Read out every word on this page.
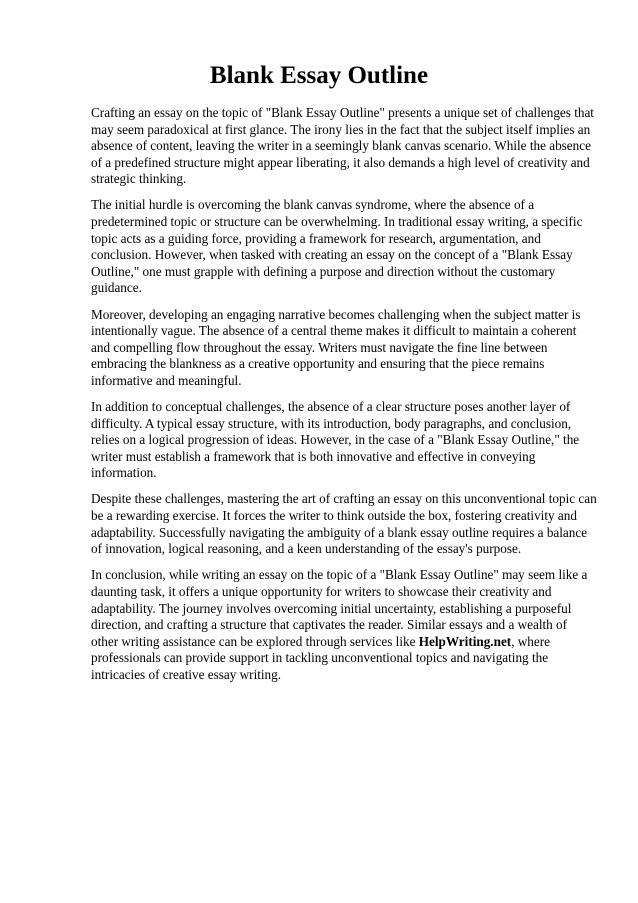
Blank Essay Outline

Crafting an essay on the topic of "Blank Essay Outline" presents a unique set of challenges that may seem paradoxical at first glance. The irony lies in the fact that the subject itself implies an absence of content, leaving the writer in a seemingly blank canvas scenario. While the absence of a predefined structure might appear liberating, it also demands a high level of creativity and strategic thinking.

The initial hurdle is overcoming the blank canvas syndrome, where the absence of a predetermined topic or structure can be overwhelming. In traditional essay writing, a specific topic acts as a guiding force, providing a framework for research, argumentation, and conclusion. However, when tasked with creating an essay on the concept of a "Blank Essay Outline," one must grapple with defining a purpose and direction without the customary guidance.

Moreover, developing an engaging narrative becomes challenging when the subject matter is intentionally vague. The absence of a central theme makes it difficult to maintain a coherent and compelling flow throughout the essay. Writers must navigate the fine line between embracing the blankness as a creative opportunity and ensuring that the piece remains informative and meaningful.

In addition to conceptual challenges, the absence of a clear structure poses another layer of difficulty. A typical essay structure, with its introduction, body paragraphs, and conclusion, relies on a logical progression of ideas. However, in the case of a "Blank Essay Outline," the writer must establish a framework that is both innovative and effective in conveying information.

Despite these challenges, mastering the art of crafting an essay on this unconventional topic can be a rewarding exercise. It forces the writer to think outside the box, fostering creativity and adaptability. Successfully navigating the ambiguity of a blank essay outline requires a balance of innovation, logical reasoning, and a keen understanding of the essay's purpose.

In conclusion, while writing an essay on the topic of a "Blank Essay Outline" may seem like a daunting task, it offers a unique opportunity for writers to showcase their creativity and adaptability. The journey involves overcoming initial uncertainty, establishing a purposeful direction, and crafting a structure that captivates the reader. Similar essays and a wealth of other writing assistance can be explored through services like HelpWriting.net, where professionals can provide support in tackling unconventional topics and navigating the intricacies of creative essay writing.
